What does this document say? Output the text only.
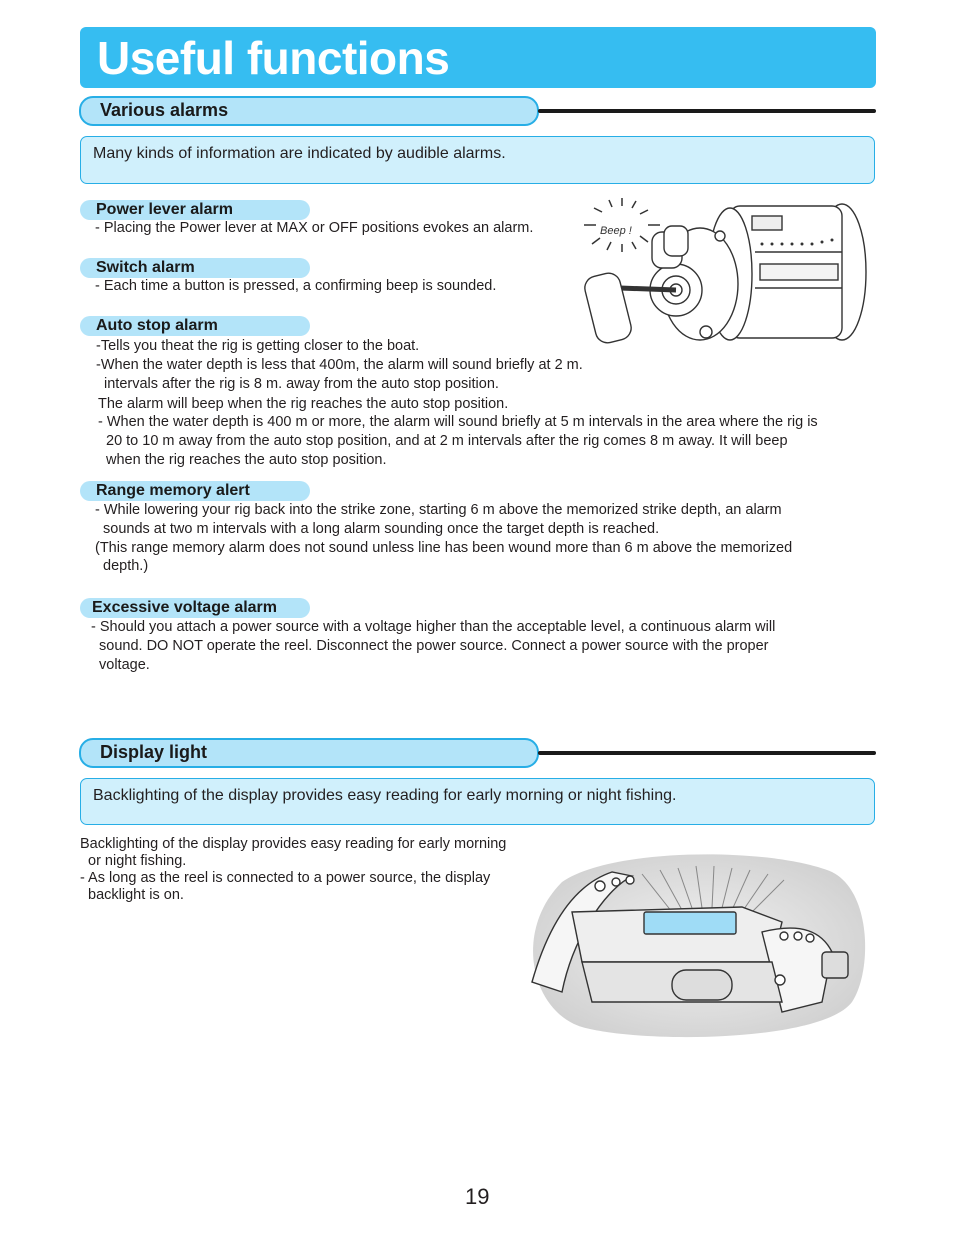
Useful functions
Various alarms
Many kinds of information are indicated by audible alarms.
Power lever alarm
- Placing the Power lever at MAX or OFF positions evokes an alarm.
Switch alarm
- Each time a button is pressed, a confirming beep is sounded.
Auto stop alarm
-Tells you theat the rig is getting closer to the boat.
-When the water depth is less that 400m, the alarm will sound briefly at 2 m.
intervals after the rig is 8 m. away from the auto stop position.
The alarm will beep when the rig reaches the auto stop position.
- When the water depth is 400 m or more, the alarm will sound briefly at 5 m intervals in the area where the rig is
20 to 10 m away from the auto stop position, and at 2 m intervals after the rig comes 8 m away. It will beep
when the rig reaches the auto stop position.
Range memory alert
- While lowering your rig back into the strike zone, starting 6 m above the memorized strike depth, an alarm
sounds at two m intervals with a long alarm sounding once the target depth is reached.
(This range memory alarm does not sound unless line has been wound more than 6 m above the memorized
depth.)
Excessive voltage alarm
- Should you attach a power source with a voltage higher than the acceptable level, a continuous alarm will
sound. DO NOT operate the reel. Disconnect the power source. Connect a power source with the proper
voltage.
Beep !
Display light
Backlighting of the display provides easy reading for early morning or night fishing.
Backlighting of the display provides easy reading for early morning
or night fishing.
- As long as the reel is connected to a power source, the display
backlight is on.
19
